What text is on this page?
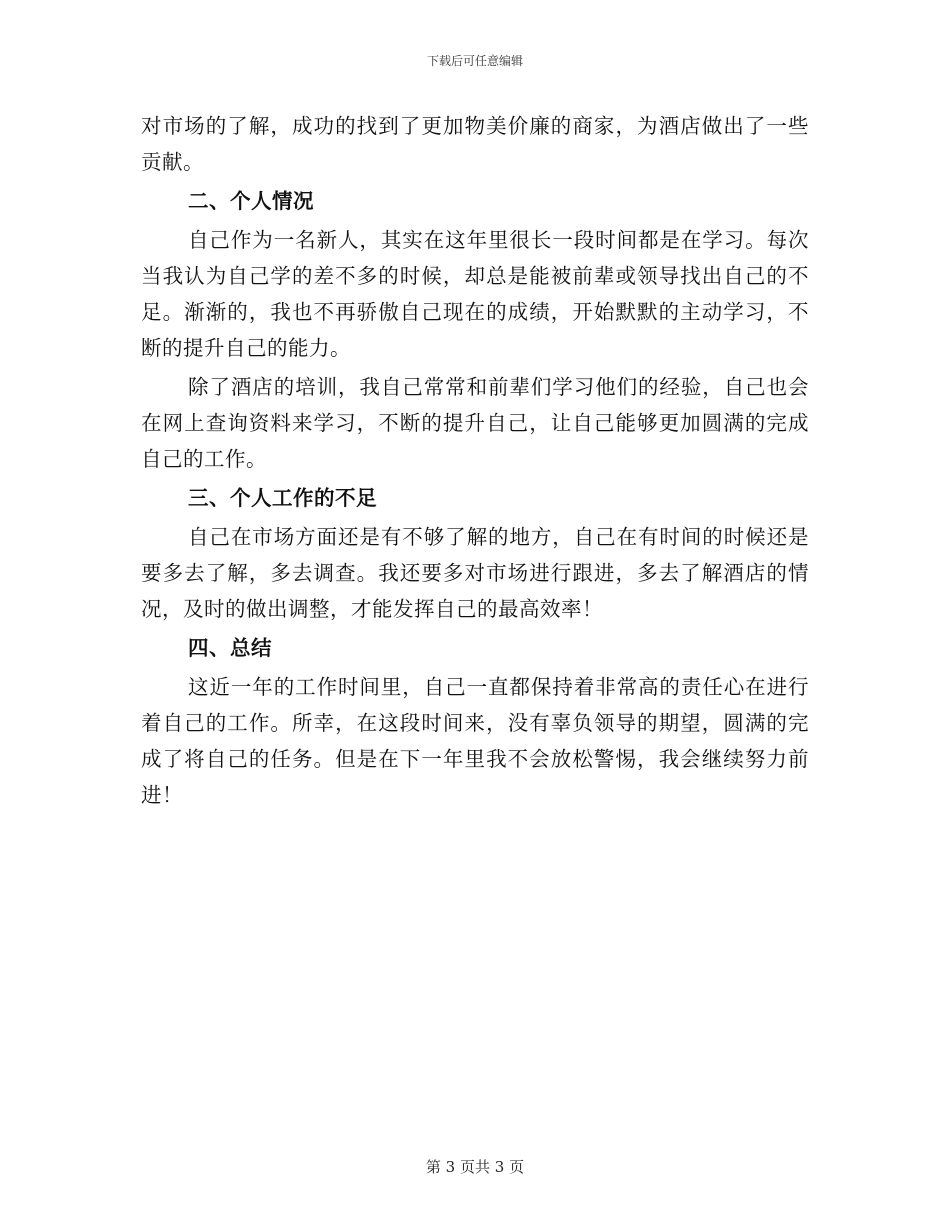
下载后可任意编辑

对市场的了解，成功的找到了更加物美价廉的商家，为酒店做出了一些贡献。

二、个人情况

自己作为一名新人，其实在这年里很长一段时间都是在学习。每次当我认为自己学的差不多的时候，却总是能被前辈或领导找出自己的不足。渐渐的，我也不再骄傲自己现在的成绩，开始默默的主动学习，不断的提升自己的能力。

除了酒店的培训，我自己常常和前辈们学习他们的经验，自己也会在网上查询资料来学习，不断的提升自己，让自己能够更加圆满的完成自己的工作。

三、个人工作的不足

自己在市场方面还是有不够了解的地方，自己在有时间的时候还是要多去了解，多去调查。我还要多对市场进行跟进，多去了解酒店的情况，及时的做出调整，才能发挥自己的最高效率！

四、总结

这近一年的工作时间里，自己一直都保持着非常高的责任心在进行着自己的工作。所幸，在这段时间来，没有辜负领导的期望，圆满的完成了将自己的任务。但是在下一年里我不会放松警惕，我会继续努力前进！

第 3 页共 3 页
